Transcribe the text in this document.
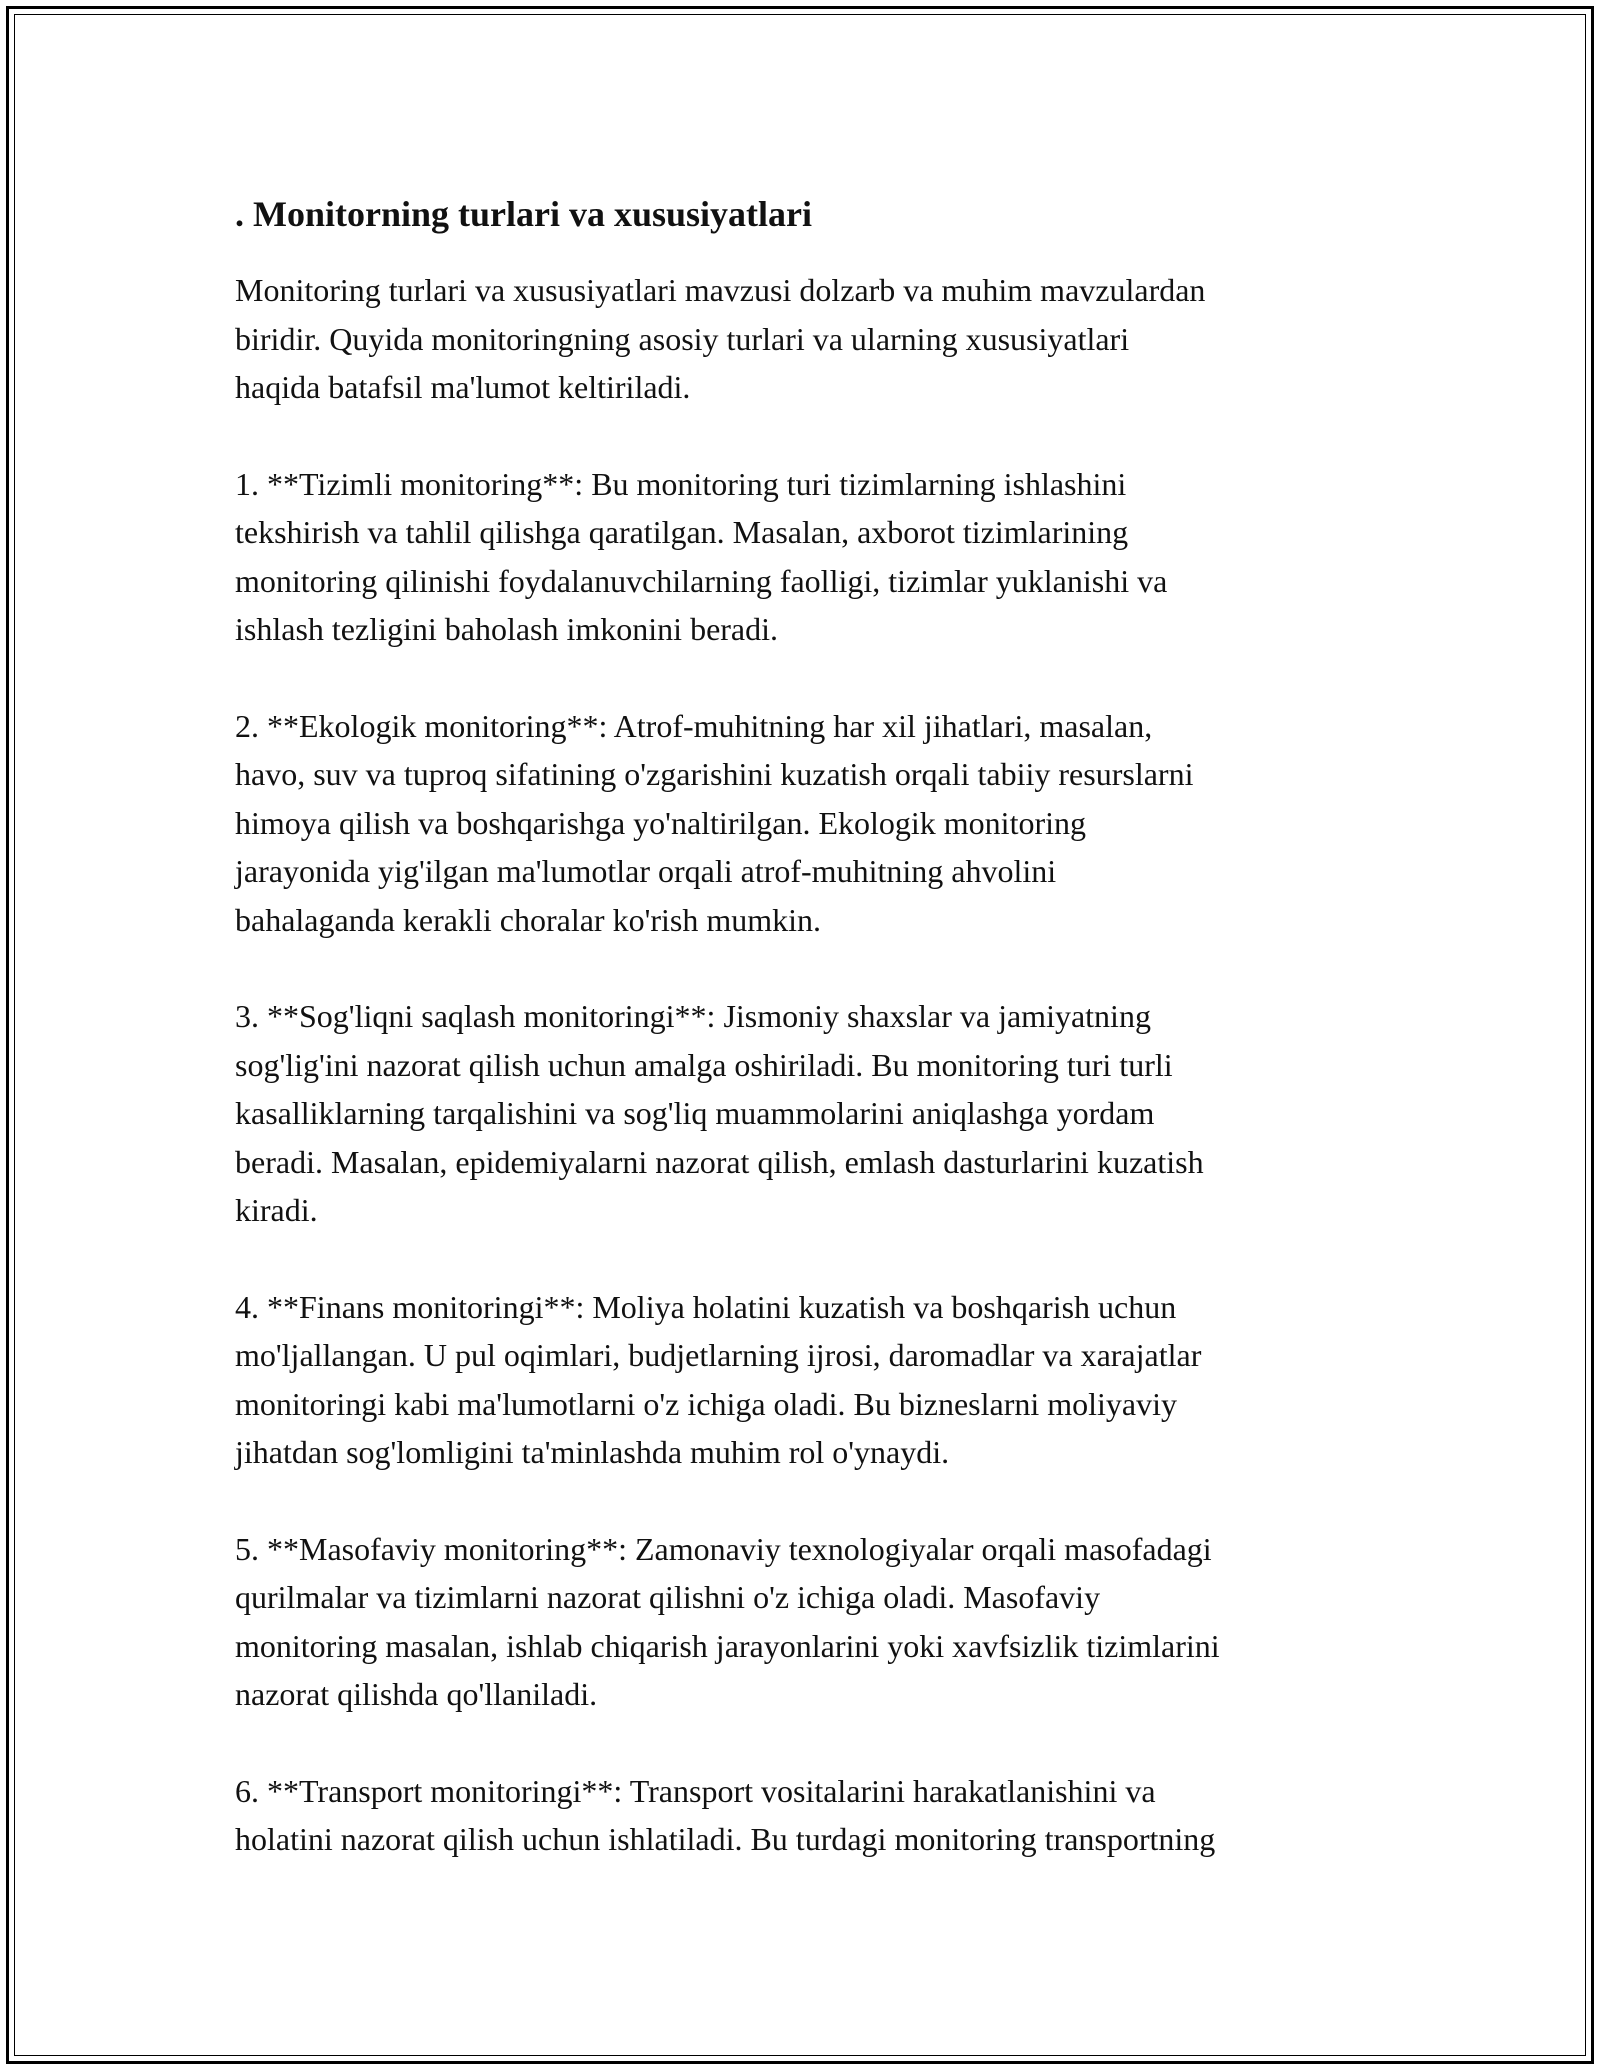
. Monitorning turlari va xususiyatlari

Monitoring turlari va xususiyatlari mavzusi dolzarb va muhim mavzulardan
biridir. Quyida monitoringning asosiy turlari va ularning xususiyatlari
haqida batafsil ma'lumot keltiriladi.

1. **Tizimli monitoring**: Bu monitoring turi tizimlarning ishlashini
tekshirish va tahlil qilishga qaratilgan. Masalan, axborot tizimlarining
monitoring qilinishi foydalanuvchilarning faolligi, tizimlar yuklanishi va
ishlash tezligini baholash imkonini beradi.

2. **Ekologik monitoring**: Atrof-muhitning har xil jihatlari, masalan,
havo, suv va tuproq sifatining o'zgarishini kuzatish orqali tabiiy resurslarni
himoya qilish va boshqarishga yo'naltirilgan. Ekologik monitoring
jarayonida yig'ilgan ma'lumotlar orqali atrof-muhitning ahvolini
bahalaganda kerakli choralar ko'rish mumkin.

3. **Sog'liqni saqlash monitoringi**: Jismoniy shaxslar va jamiyatning
sog'lig'ini nazorat qilish uchun amalga oshiriladi. Bu monitoring turi turli
kasalliklarning tarqalishini va sog'liq muammolarini aniqlashga yordam
beradi. Masalan, epidemiyalarni nazorat qilish, emlash dasturlarini kuzatish
kiradi.

4. **Finans monitoringi**: Moliya holatini kuzatish va boshqarish uchun
mo'ljallangan. U pul oqimlari, budjetlarning ijrosi, daromadlar va xarajatlar
monitoringi kabi ma'lumotlarni o'z ichiga oladi. Bu bizneslarni moliyaviy
jihatdan sog'lomligini ta'minlashda muhim rol o'ynaydi.

5. **Masofaviy monitoring**: Zamonaviy texnologiyalar orqali masofadagi
qurilmalar va tizimlarni nazorat qilishni o'z ichiga oladi. Masofaviy
monitoring masalan, ishlab chiqarish jarayonlarini yoki xavfsizlik tizimlarini
nazorat qilishda qo'llaniladi.

6. **Transport monitoringi**: Transport vositalarini harakatlanishini va
holatini nazorat qilish uchun ishlatiladi. Bu turdagi monitoring transportning
